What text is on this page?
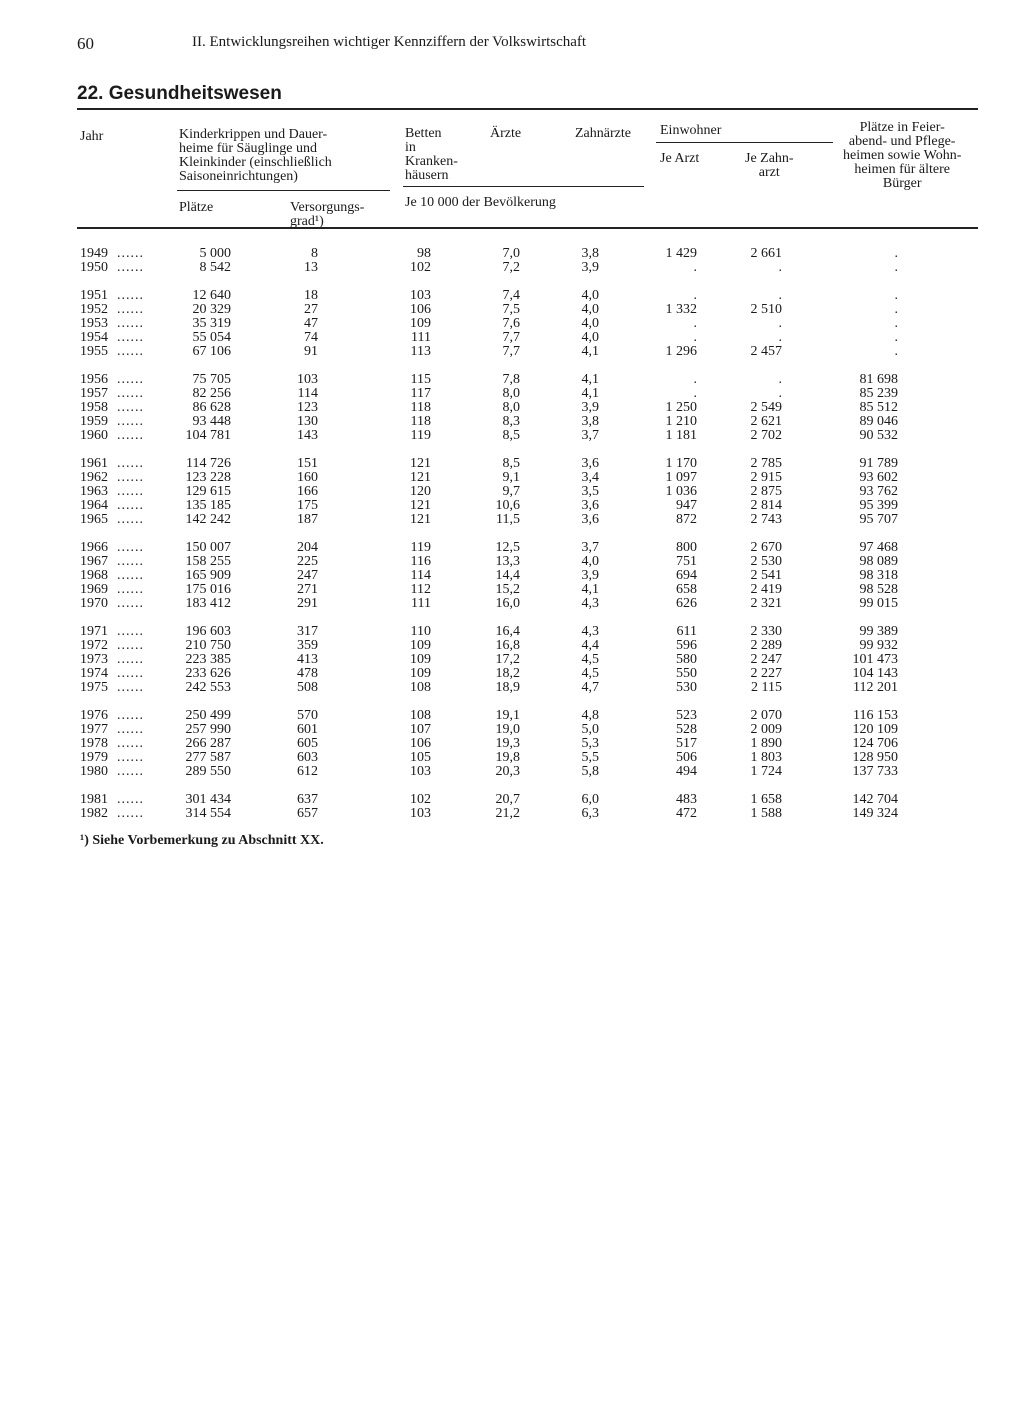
60	II. Entwicklungsreihen wichtiger Kennziffern der Volkswirtschaft
22. Gesundheitswesen
Jahr	Kinderkrippen und Dauer-
heime für Säuglinge und
Kleinkinder (einschließlich
Saisoneinrichtungen)
Plätze	Versorgungs-
grad¹)
Betten
in
Kranken-
häusern
Ärzte	Zahnärzte
Je 10 000 der Bevölkerung
Einwohner
Je Arzt	Je Zahn-
arzt
Plätze in Feier-
abend- und Pflege-
heimen sowie Wohn-
heimen für ältere
Bürger
1949 ......	5 000	8	98	7,0	3,8	1 429	2 661	.
1950 ......	8 542	13	102	7,2	3,9	.	.	.
1951 ......	12 640	18	103	7,4	4,0	.	.	.
1952 ......	20 329	27	106	7,5	4,0	1 332	2 510	.
1953 ......	35 319	47	109	7,6	4,0	.	.	.
1954 ......	55 054	74	111	7,7	4,0	.	.	.
1955 ......	67 106	91	113	7,7	4,1	1 296	2 457	.
1956 ......	75 705	103	115	7,8	4,1	.	.	81 698
1957 ......	82 256	114	117	8,0	4,1	.	.	85 239
1958 ......	86 628	123	118	8,0	3,9	1 250	2 549	85 512
1959 ......	93 448	130	118	8,3	3,8	1 210	2 621	89 046
1960 ......	104 781	143	119	8,5	3,7	1 181	2 702	90 532
1961 ......	114 726	151	121	8,5	3,6	1 170	2 785	91 789
1962 ......	123 228	160	121	9,1	3,4	1 097	2 915	93 602
1963 ......	129 615	166	120	9,7	3,5	1 036	2 875	93 762
1964 ......	135 185	175	121	10,6	3,6	947	2 814	95 399
1965 ......	142 242	187	121	11,5	3,6	872	2 743	95 707
1966 ......	150 007	204	119	12,5	3,7	800	2 670	97 468
1967 ......	158 255	225	116	13,3	4,0	751	2 530	98 089
1968 ......	165 909	247	114	14,4	3,9	694	2 541	98 318
1969 ......	175 016	271	112	15,2	4,1	658	2 419	98 528
1970 ......	183 412	291	111	16,0	4,3	626	2 321	99 015
1971 ......	196 603	317	110	16,4	4,3	611	2 330	99 389
1972 ......	210 750	359	109	16,8	4,4	596	2 289	99 932
1973 ......	223 385	413	109	17,2	4,5	580	2 247	101 473
1974 ......	233 626	478	109	18,2	4,5	550	2 227	104 143
1975 ......	242 553	508	108	18,9	4,7	530	2 115	112 201
1976 ......	250 499	570	108	19,1	4,8	523	2 070	116 153
1977 ......	257 990	601	107	19,0	5,0	528	2 009	120 109
1978 ......	266 287	605	106	19,3	5,3	517	1 890	124 706
1979 ......	277 587	603	105	19,8	5,5	506	1 803	128 950
1980 ......	289 550	612	103	20,3	5,8	494	1 724	137 733
1981 ......	301 434	637	102	20,7	6,0	483	1 658	142 704
1982 ......	314 554	657	103	21,2	6,3	472	1 588	149 324
¹) Siehe Vorbemerkung zu Abschnitt XX.
